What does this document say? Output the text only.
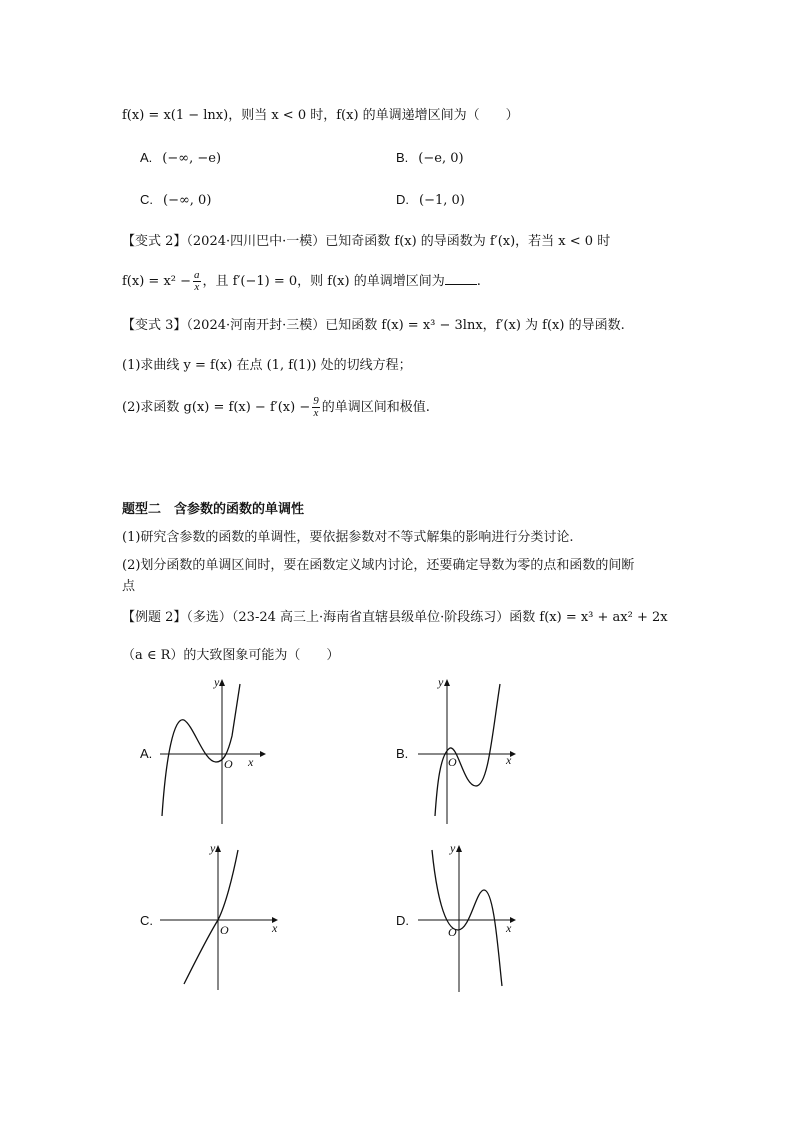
f(x) = x(1 − lnx)，则当 x < 0 时，f(x) 的单调递增区间为（　　）
A. (−∞, −e)	B. (−e, 0)
C. (−∞, 0)	D. (−1, 0)
【变式 2】（2024·四川巴中·一模）已知奇函数 f(x) 的导函数为 f′(x)，若当 x < 0 时
$f(x) = x^2 - \frac{a}{x}$ ，且 f′(−1) = 0，则 f(x) 的单调增区间为 .
【变式 3】（2024·河南开封·三模）已知函数 f(x) = x³ − 3lnx，f′(x) 为 f(x) 的导函数.
(1)求曲线 y = f(x) 在点 (1, f(1)) 处的切线方程；
(2)求函数 $g(x) = f(x) - f'(x) - \frac{9}{x}$ 的单调区间和极值.
题型二　含参数的函数的单调性
(1)研究含参数的函数的单调性，要依据参数对不等式解集的影响进行分类讨论.
(2)划分函数的单调区间时，要在函数定义域内讨论，还要确定导数为零的点和函数的间断
点
【例题 2】（多选）（23-24 高三上·海南省直辖县级单位·阶段练习）函数 f(x) = x³ + ax² + 2x
（a ∈ R）的大致图象可能为（　　）
A.	B.
C.	D.
x
y
O	x
y
O
x
y
O	x
y
O
